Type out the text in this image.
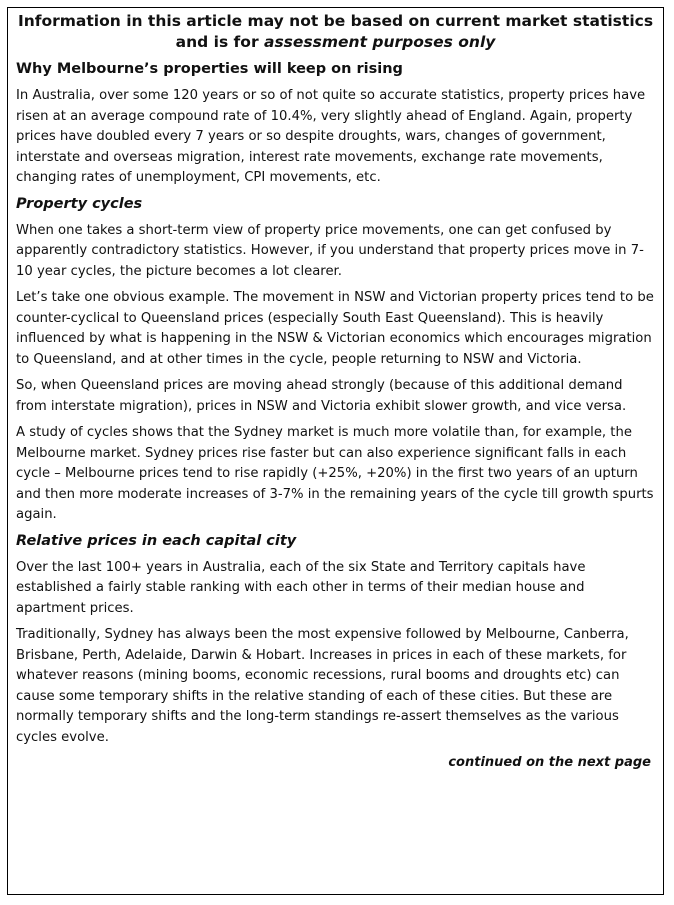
Information in this article may not be based on current market statistics and is for assessment purposes only
Why Melbourne’s properties will keep on rising

In Australia, over some 120 years or so of not quite so accurate statistics, property prices have risen at an average compound rate of 10.4%, very slightly ahead of England. Again, property prices have doubled every 7 years or so despite droughts, wars, changes of government, interstate and overseas migration, interest rate movements, exchange rate movements, changing rates of unemployment, CPI movements, etc.

Property cycles

When one takes a short-term view of property price movements, one can get confused by apparently contradictory statistics. However, if you understand that property prices move in 7-10 year cycles, the picture becomes a lot clearer.

Let’s take one obvious example. The movement in NSW and Victorian property prices tend to be counter-cyclical to Queensland prices (especially South East Queensland). This is heavily influenced by what is happening in the NSW & Victorian economics which encourages migration to Queensland, and at other times in the cycle, people returning to NSW and Victoria.

So, when Queensland prices are moving ahead strongly (because of this additional demand from interstate migration), prices in NSW and Victoria exhibit slower growth, and vice versa.

A study of cycles shows that the Sydney market is much more volatile than, for example, the Melbourne market. Sydney prices rise faster but can also experience significant falls in each cycle – Melbourne prices tend to rise rapidly (+25%, +20%) in the first two years of an upturn and then more moderate increases of 3-7% in the remaining years of the cycle till growth spurts again.

Relative prices in each capital city

Over the last 100+ years in Australia, each of the six State and Territory capitals have established a fairly stable ranking with each other in terms of their median house and apartment prices.

Traditionally, Sydney has always been the most expensive followed by Melbourne, Canberra, Brisbane, Perth, Adelaide, Darwin & Hobart. Increases in prices in each of these markets, for whatever reasons (mining booms, economic recessions, rural booms and droughts etc) can cause some temporary shifts in the relative standing of each of these cities. But these are normally temporary shifts and the long-term standings re-assert themselves as the various cycles evolve.

continued on the next page
